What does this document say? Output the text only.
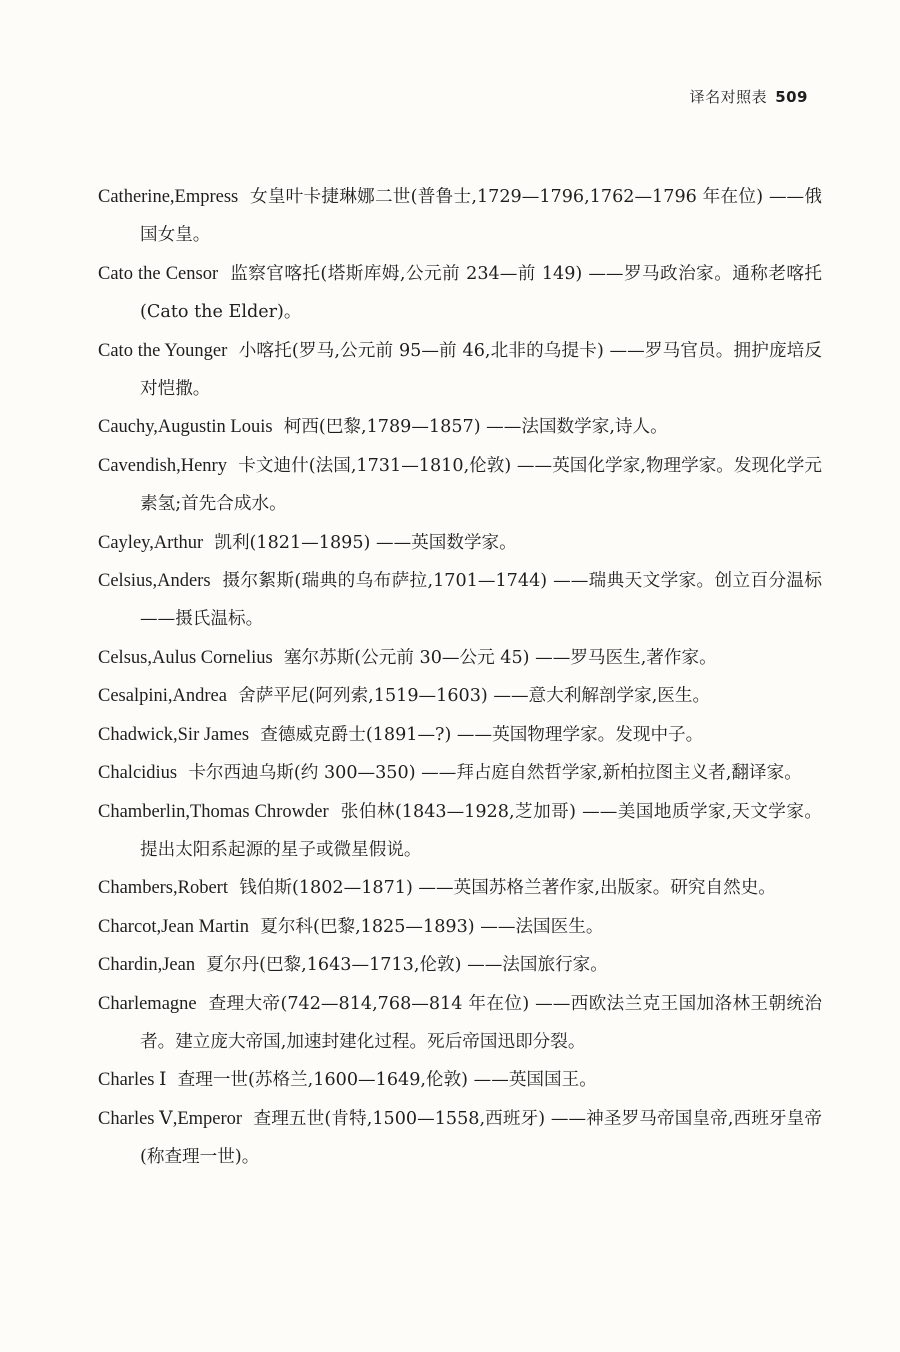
译名对照表 509

Catherine,Empress 女皇叶卡捷琳娜二世(普鲁士,1729—1796,1762—1796 年在位) ——俄国女皇。

Cato the Censor 监察官喀托(塔斯库姆,公元前 234—前 149) ——罗马政治家。通称老喀托(Cato the Elder)。

Cato the Younger 小喀托(罗马,公元前 95—前 46,北非的乌提卡) ——罗马官员。拥护庞培反对恺撒。

Cauchy,Augustin Louis 柯西(巴黎,1789—1857) ——法国数学家,诗人。

Cavendish,Henry 卡文迪什(法国,1731—1810,伦敦) ——英国化学家,物理学家。发现化学元素氢;首先合成水。

Cayley,Arthur 凯利(1821—1895) ——英国数学家。

Celsius,Anders 摄尔絮斯(瑞典的乌布萨拉,1701—1744) ——瑞典天文学家。创立百分温标——摄氏温标。

Celsus,Aulus Cornelius 塞尔苏斯(公元前 30—公元 45) ——罗马医生,著作家。

Cesalpini,Andrea 舍萨平尼(阿列索,1519—1603) ——意大利解剖学家,医生。

Chadwick,Sir James 查德威克爵士(1891—?) ——英国物理学家。发现中子。

Chalcidius 卡尔西迪乌斯(约 300—350) ——拜占庭自然哲学家,新柏拉图主义者,翻译家。

Chamberlin,Thomas Chrowder 张伯林(1843—1928,芝加哥) ——美国地质学家,天文学家。提出太阳系起源的星子或微星假说。

Chambers,Robert 钱伯斯(1802—1871) ——英国苏格兰著作家,出版家。研究自然史。

Charcot,Jean Martin 夏尔科(巴黎,1825—1893) ——法国医生。

Chardin,Jean 夏尔丹(巴黎,1643—1713,伦敦) ——法国旅行家。

Charlemagne 查理大帝(742—814,768—814 年在位) ——西欧法兰克王国加洛林王朝统治者。建立庞大帝国,加速封建化过程。死后帝国迅即分裂。

Charles Ⅰ 查理一世(苏格兰,1600—1649,伦敦) ——英国国王。

Charles Ⅴ,Emperor 查理五世(肯特,1500—1558,西班牙) ——神圣罗马帝国皇帝,西班牙皇帝(称查理一世)。
